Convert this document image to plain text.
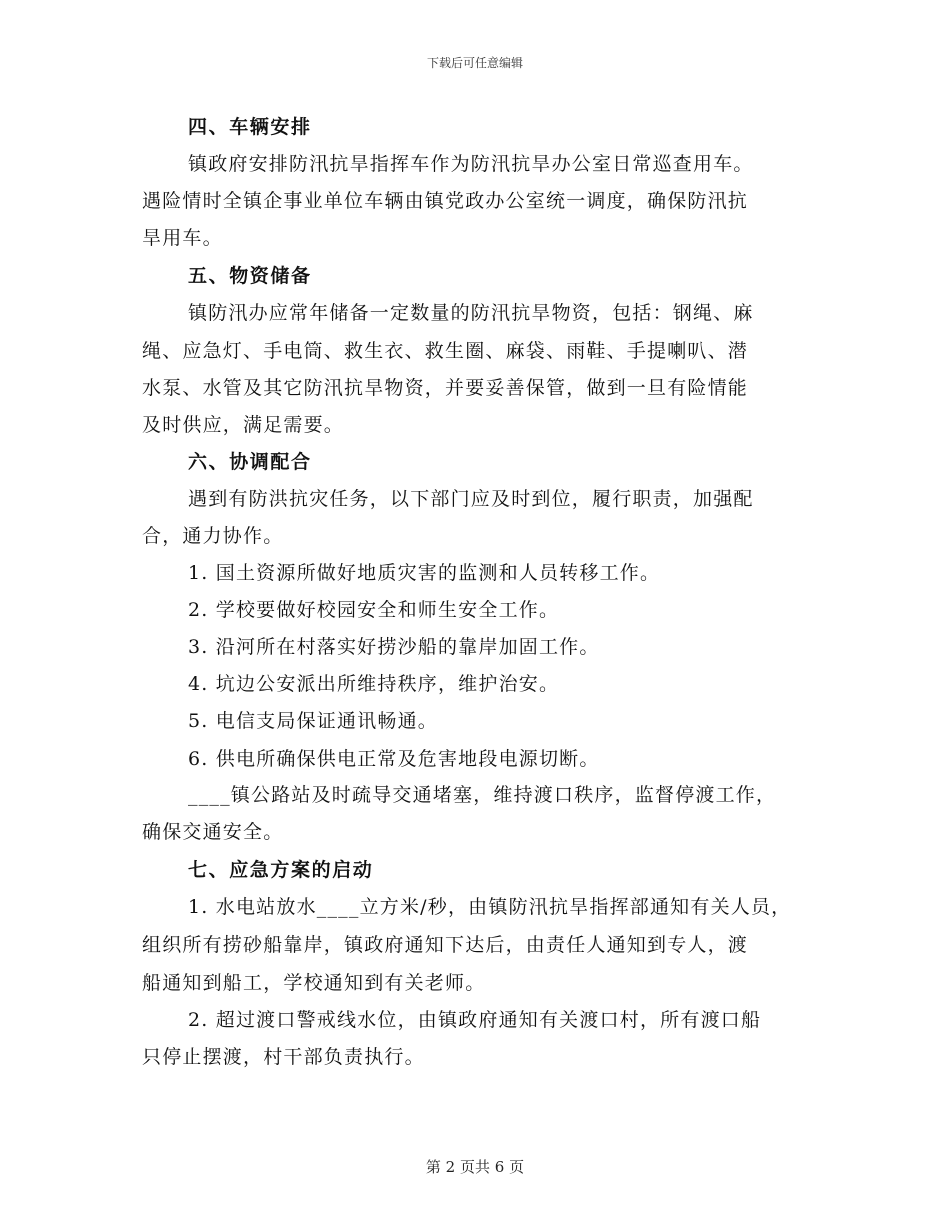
下载后可任意编辑
四、车辆安排
镇政府安排防汛抗旱指挥车作为防汛抗旱办公室日常巡查用车。
遇险情时全镇企事业单位车辆由镇党政办公室统一调度，确保防汛抗
旱用车。
五、物资储备
镇防汛办应常年储备一定数量的防汛抗旱物资，包括：钢绳、麻
绳、应急灯、手电筒、救生衣、救生圈、麻袋、雨鞋、手提喇叭、潜
水泵、水管及其它防汛抗旱物资，并要妥善保管，做到一旦有险情能
及时供应，满足需要。
六、协调配合
遇到有防洪抗灾任务，以下部门应及时到位，履行职责，加强配
合，通力协作。
1. 国土资源所做好地质灾害的监测和人员转移工作。
2. 学校要做好校园安全和师生安全工作。
3. 沿河所在村落实好捞沙船的靠岸加固工作。
4. 坑边公安派出所维持秩序，维护治安。
5. 电信支局保证通讯畅通。
6. 供电所确保供电正常及危害地段电源切断。
____镇公路站及时疏导交通堵塞，维持渡口秩序，监督停渡工作，
确保交通安全。
七、应急方案的启动
1. 水电站放水____立方米/秒，由镇防汛抗旱指挥部通知有关人员，
组织所有捞砂船靠岸，镇政府通知下达后，由责任人通知到专人，渡
船通知到船工，学校通知到有关老师。
2. 超过渡口警戒线水位，由镇政府通知有关渡口村，所有渡口船
只停止摆渡，村干部负责执行。
第 2 页共 6 页
